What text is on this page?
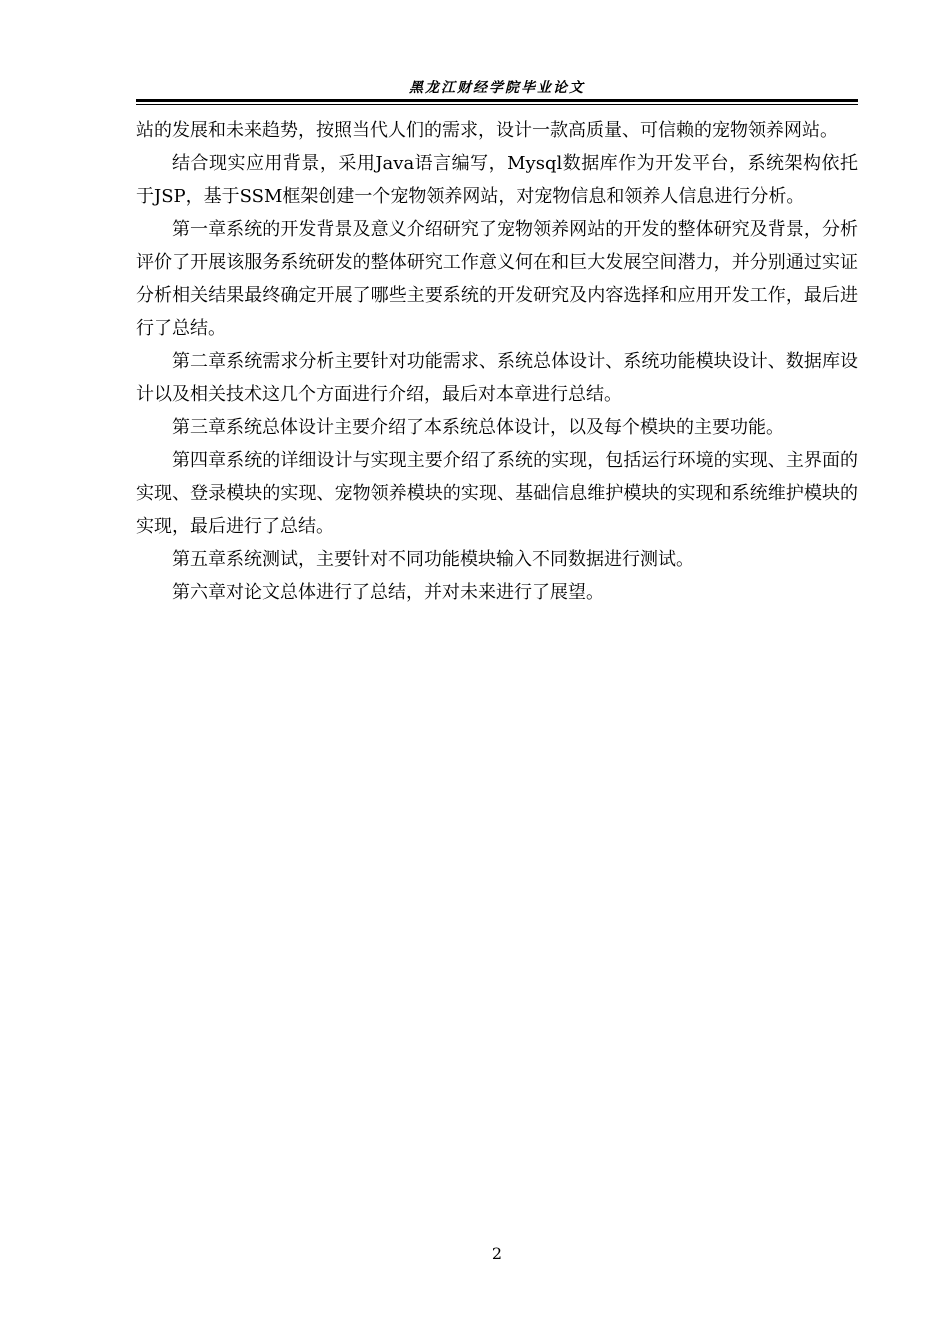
黑龙江财经学院毕业论文

站的发展和未来趋势，按照当代人们的需求，设计一款高质量、可信赖的宠物领养网站。

结合现实应用背景，采用Java语言编写，Mysql数据库作为开发平台，系统架构依托于JSP，基于SSM框架创建一个宠物领养网站，对宠物信息和领养人信息进行分析。

第一章系统的开发背景及意义介绍研究了宠物领养网站的开发的整体研究及背景，分析评价了开展该服务系统研发的整体研究工作意义何在和巨大发展空间潜力，并分别通过实证分析相关结果最终确定开展了哪些主要系统的开发研究及内容选择和应用开发工作，最后进行了总结。

第二章系统需求分析主要针对功能需求、系统总体设计、系统功能模块设计、数据库设计以及相关技术这几个方面进行介绍，最后对本章进行总结。

第三章系统总体设计主要介绍了本系统总体设计，以及每个模块的主要功能。

第四章系统的详细设计与实现主要介绍了系统的实现，包括运行环境的实现、主界面的实现、登录模块的实现、宠物领养模块的实现、基础信息维护模块的实现和系统维护模块的实现，最后进行了总结。

第五章系统测试，主要针对不同功能模块输入不同数据进行测试。

第六章对论文总体进行了总结，并对未来进行了展望。

2
